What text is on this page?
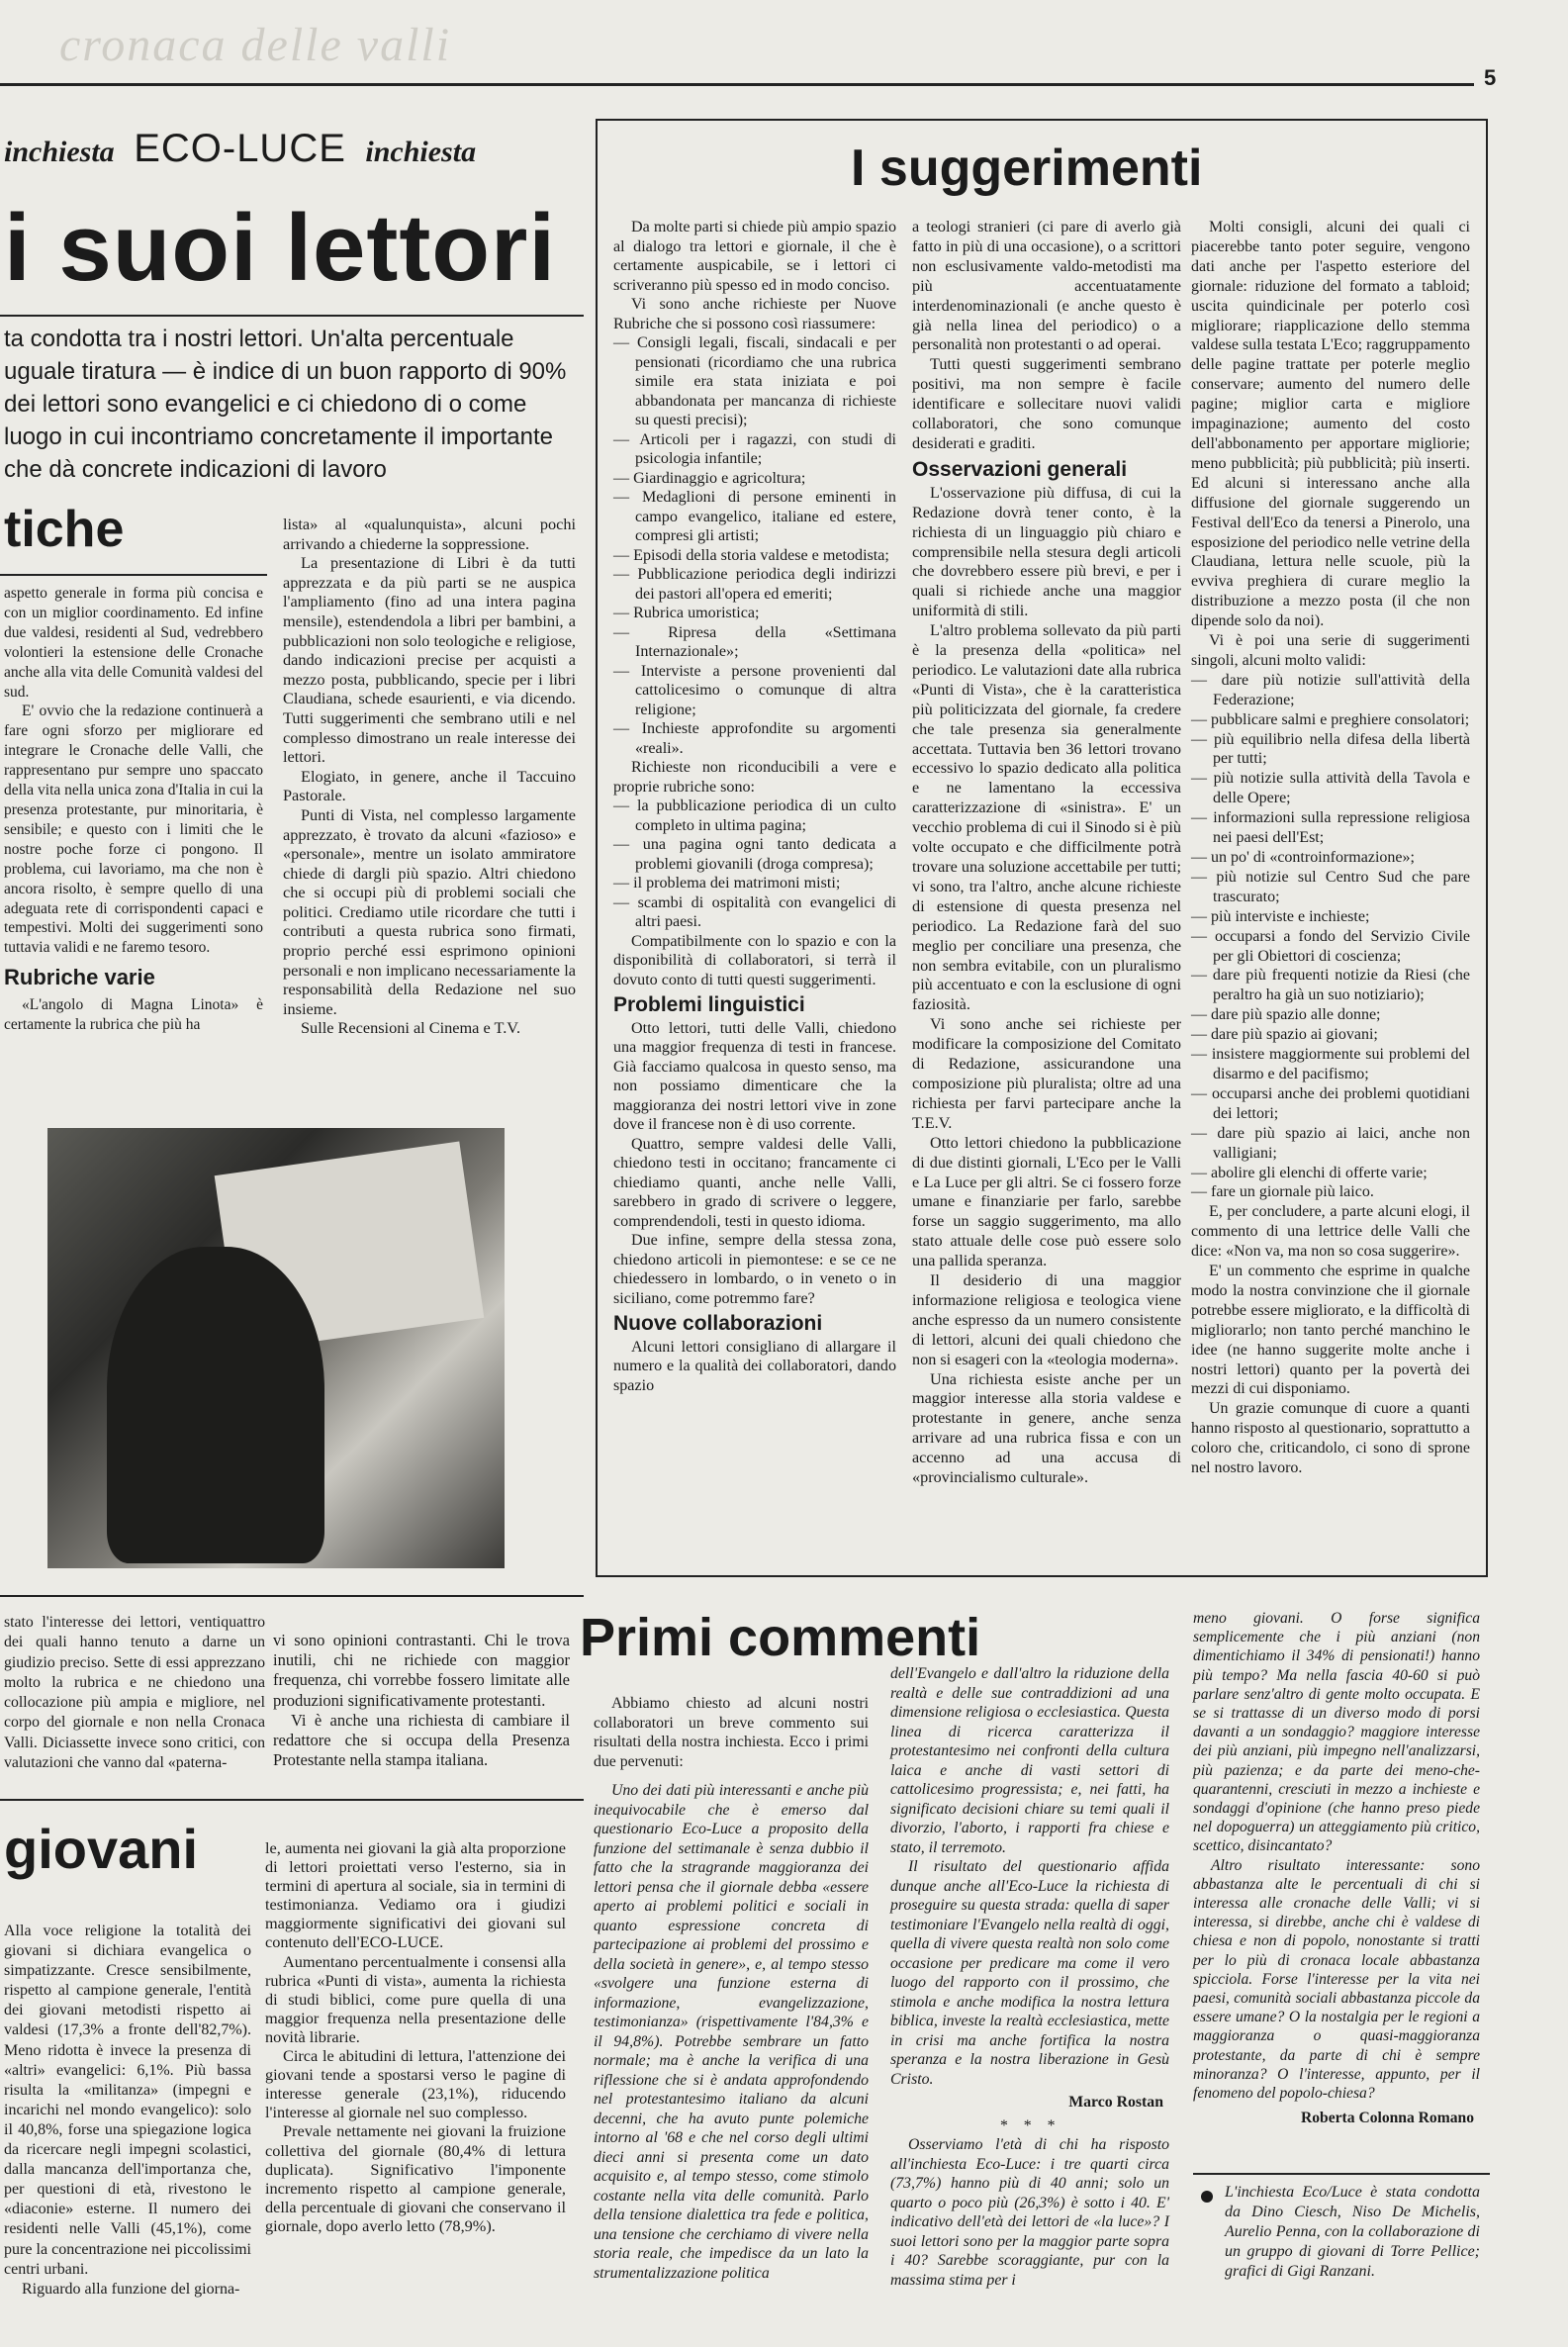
cronaca delle valli
5
inchiesta ECO-LUCE inchiesta
i suoi lettori
ta condotta tra i nostri lettori. Un'alta percentuale uguale tiratura — è indice di un buon rapporto di 90% dei lettori sono evangelici e ci chiedono di o come luogo in cui incontriamo concretamente il importante che dà concrete indicazioni di lavoro
tiche

aspetto generale in forma più concisa e con un miglior coordinamento. Ed infine due valdesi, residenti al Sud, vedrebbero volontieri la estensione delle Cronache anche alla vita delle Comunità valdesi del sud.

E' ovvio che la redazione continuerà a fare ogni sforzo per migliorare ed integrare le Cronache delle Valli, che rappresentano pur sempre uno spaccato della vita nella unica zona d'Italia in cui la presenza protestante, pur minoritaria, è sensibile; e questo con i limiti che le nostre poche forze ci pongono. Il problema, cui lavoriamo, ma che non è ancora risolto, è sempre quello di una adeguata rete di corrispondenti capaci e tempestivi. Molti dei suggerimenti sono tuttavia validi e ne faremo tesoro.

Rubriche varie

«L'angolo di Magna Linota» è certamente la rubrica che più ha

lista» al «qualunquista», alcuni pochi arrivando a chiederne la soppressione.

La presentazione di Libri è da tutti apprezzata e da più parti se ne auspica l'ampliamento (fino ad una intera pagina mensile), estendendola a libri per bambini, a pubblicazioni non solo teologiche e religiose, dando indicazioni precise per acquisti a mezzo posta, pubblicando, specie per i libri Claudiana, schede esaurienti, e via dicendo. Tutti suggerimenti che sembrano utili e nel complesso dimostrano un reale interesse dei lettori.

Elogiato, in genere, anche il Taccuino Pastorale.

Punti di Vista, nel complesso largamente apprezzato, è trovato da alcuni «fazioso» e «personale», mentre un isolato ammiratore chiede di dargli più spazio. Altri chiedono che si occupi più di problemi sociali che politici. Crediamo utile ricordare che tutti i contributi a questa rubrica sono firmati, proprio perché essi esprimono opinioni personali e non implicano necessariamente la responsabilità della Redazione nel suo insieme.

Sulle Recensioni al Cinema e T.V.

stato l'interesse dei lettori, ventiquattro dei quali hanno tenuto a darne un giudizio preciso. Sette di essi apprezzano molto la rubrica e ne chiedono una collocazione più ampia e migliore, nel corpo del giornale e non nella Cronaca Valli. Diciassette invece sono critici, con valutazioni che vanno dal «paterna-

vi sono opinioni contrastanti. Chi le trova inutili, chi ne richiede con maggior frequenza, chi vorrebbe fossero limitate alle produzioni significativamente protestanti.

Vi è anche una richiesta di cambiare il redattore che si occupa della Presenza Protestante nella stampa italiana.

giovani

Alla voce religione la totalità dei giovani si dichiara evangelica o simpatizzante. Cresce sensibilmente, rispetto al campione generale, l'entità dei giovani metodisti rispetto ai valdesi (17,3% a fronte dell'82,7%). Meno ridotta è invece la presenza di «altri» evangelici: 6,1%. Più bassa risulta la «militanza» (impegni e incarichi nel mondo evangelico): solo il 40,8%, forse una spiegazione logica da ricercare negli impegni scolastici, dalla mancanza dell'importanza che, per questioni di età, rivestono le «diaconie» esterne. Il numero dei residenti nelle Valli (45,1%), come pure la concentrazione nei piccolissimi centri urbani.

Riguardo alla funzione del giorna-

le, aumenta nei giovani la già alta proporzione di lettori proiettati verso l'esterno, sia in termini di apertura al sociale, sia in termini di testimonianza. Vediamo ora i giudizi maggiormente significativi dei giovani sul contenuto dell'ECO-LUCE.

Aumentano percentualmente i consensi alla rubrica «Punti di vista», aumenta la richiesta di studi biblici, come pure quella di una maggior frequenza nella presentazione delle novità librarie.

Circa le abitudini di lettura, l'attenzione dei giovani tende a spostarsi verso le pagine di interesse generale (23,1%), riducendo l'interesse al giornale nel suo complesso.

Prevale nettamente nei giovani la fruizione collettiva del giornale (80,4% di lettura duplicata). Significativo l'imponente incremento rispetto al campione generale, della percentuale di giovani che conservano il giornale, dopo averlo letto (78,9%).

I suggerimenti

Da molte parti si chiede più ampio spazio al dialogo tra lettori e giornale, il che è certamente auspicabile, se i lettori ci scriveranno più spesso ed in modo conciso.

Vi sono anche richieste per Nuove Rubriche che si possono così riassumere:

— Consigli legali, fiscali, sindacali e per pensionati (ricordiamo che una rubrica simile era stata iniziata e poi abbandonata per mancanza di richieste su questi precisi);
— Articoli per i ragazzi, con studi di psicologia infantile;
— Giardinaggio e agricoltura;
— Medaglioni di persone eminenti in campo evangelico, italiane ed estere, compresi gli artisti;
— Episodi della storia valdese e metodista;
— Pubblicazione periodica degli indirizzi dei pastori all'opera ed emeriti;
— Rubrica umoristica;
— Ripresa della «Settimana Internazionale»;
— Interviste a persone provenienti dal cattolicesimo o comunque di altra religione;
— Inchieste approfondite su argomenti «reali».

Richieste non riconducibili a vere e proprie rubriche sono:

— la pubblicazione periodica di un culto completo in ultima pagina;
— una pagina ogni tanto dedicata a problemi giovanili (droga compresa);
— il problema dei matrimoni misti;
— scambi di ospitalità con evangelici di altri paesi.

Compatibilmente con lo spazio e con la disponibilità di collaboratori, si terrà il dovuto conto di tutti questi suggerimenti.

Problemi linguistici

Otto lettori, tutti delle Valli, chiedono una maggior frequenza di testi in francese. Già facciamo qualcosa in questo senso, ma non possiamo dimenticare che la maggioranza dei nostri lettori vive in zone dove il francese non è di uso corrente.

Quattro, sempre valdesi delle Valli, chiedono testi in occitano; francamente ci chiediamo quanti, anche nelle Valli, sarebbero in grado di scrivere o leggere, comprendendoli, testi in questo idioma.

Due infine, sempre della stessa zona, chiedono articoli in piemontese: e se ce ne chiedessero in lombardo, o in veneto o in siciliano, come potremmo fare?

Nuove collaborazioni

Alcuni lettori consigliano di allargare il numero e la qualità dei collaboratori, dando spazio

a teologi stranieri (ci pare di averlo già fatto in più di una occasione), o a scrittori non esclusivamente valdo-metodisti ma più accentuatamente interdenominazionali (e anche questo è già nella linea del periodico) o a personalità non protestanti o ad operai.

Tutti questi suggerimenti sembrano positivi, ma non sempre è facile identificare e sollecitare nuovi validi collaboratori, che sono comunque desiderati e graditi.

Osservazioni generali

L'osservazione più diffusa, di cui la Redazione dovrà tener conto, è la richiesta di un linguaggio più chiaro e comprensibile nella stesura degli articoli che dovrebbero essere più brevi, e per i quali si richiede anche una maggior uniformità di stili.

L'altro problema sollevato da più parti è la presenza della «politica» nel periodico. Le valutazioni date alla rubrica «Punti di Vista», che è la caratteristica più politicizzata del giornale, fa credere che tale presenza sia generalmente accettata. Tuttavia ben 36 lettori trovano eccessivo lo spazio dedicato alla politica e ne lamentano la eccessiva caratterizzazione di «sinistra». E' un vecchio problema di cui il Sinodo si è più volte occupato e che difficilmente potrà trovare una soluzione accettabile per tutti; vi sono, tra l'altro, anche alcune richieste di estensione di questa presenza nel periodico. La Redazione farà del suo meglio per conciliare una presenza, che non sembra evitabile, con un pluralismo più accentuato e con la esclusione di ogni faziosità.

Vi sono anche sei richieste per modificare la composizione del Comitato di Redazione, assicurandone una composizione più pluralista; oltre ad una richiesta per farvi partecipare anche la T.E.V.

Otto lettori chiedono la pubblicazione di due distinti giornali, L'Eco per le Valli e La Luce per gli altri. Se ci fossero forze umane e finanziarie per farlo, sarebbe forse un saggio suggerimento, ma allo stato attuale delle cose può essere solo una pallida speranza.

Il desiderio di una maggior informazione religiosa e teologica viene anche espresso da un numero consistente di lettori, alcuni dei quali chiedono che non si esageri con la «teologia moderna».

Una richiesta esiste anche per un maggior interesse alla storia valdese e protestante in genere, anche senza arrivare ad una rubrica fissa e con un accenno ad una accusa di «provincialismo culturale».

Molti consigli, alcuni dei quali ci piacerebbe tanto poter seguire, vengono dati anche per l'aspetto esteriore del giornale: riduzione del formato a tabloid; uscita quindicinale per poterlo così migliorare; riapplicazione dello stemma valdese sulla testata L'Eco; raggruppamento delle pagine trattate per poterle meglio conservare; aumento del numero delle pagine; miglior carta e migliore impaginazione; aumento del costo dell'abbonamento per apportare migliorie; meno pubblicità; più pubblicità; più inserti. Ed alcuni si interessano anche alla diffusione del giornale suggerendo un Festival dell'Eco da tenersi a Pinerolo, una esposizione del periodico nelle vetrine della Claudiana, lettura nelle scuole, più la evviva preghiera di curare meglio la distribuzione a mezzo posta (il che non dipende solo da noi).

Vi è poi una serie di suggerimenti singoli, alcuni molto validi:

— dare più notizie sull'attività della Federazione;
— pubblicare salmi e preghiere consolatori;
— più equilibrio nella difesa della libertà per tutti;
— più notizie sulla attività della Tavola e delle Opere;
— informazioni sulla repressione religiosa nei paesi dell'Est;
— un po' di «controinformazione»;
— più notizie sul Centro Sud che pare trascurato;
— più interviste e inchieste;
— occuparsi a fondo del Servizio Civile per gli Obiettori di coscienza;
— dare più frequenti notizie da Riesi (che peraltro ha già un suo notiziario);
— dare più spazio alle donne;
— dare più spazio ai giovani;
— insistere maggiormente sui problemi del disarmo e del pacifismo;
— occuparsi anche dei problemi quotidiani dei lettori;
— dare più spazio ai laici, anche non valligiani;
— abolire gli elenchi di offerte varie;
— fare un giornale più laico.

E, per concludere, a parte alcuni elogi, il commento di una lettrice delle Valli che dice: «Non va, ma non so cosa suggerire».

E' un commento che esprime in qualche modo la nostra convinzione che il giornale potrebbe essere migliorato, e la difficoltà di migliorarlo; non tanto perché manchino le idee (ne hanno suggerite molte anche i nostri lettori) quanto per la povertà dei mezzi di cui disponiamo.

Un grazie comunque di cuore a quanti hanno risposto al questionario, soprattutto a coloro che, criticandolo, ci sono di sprone nel nostro lavoro.

Primi commenti

Abbiamo chiesto ad alcuni nostri collaboratori un breve commento sui risultati della nostra inchiesta. Ecco i primi due pervenuti:

Uno dei dati più interessanti e anche più inequivocabile che è emerso dal questionario Eco-Luce a proposito della funzione del settimanale è senza dubbio il fatto che la stragrande maggioranza dei lettori pensa che il giornale debba «essere aperto ai problemi politici e sociali in quanto espressione concreta di partecipazione ai problemi del prossimo e della società in genere», e, al tempo stesso «svolgere una funzione esterna di informazione, evangelizzazione, testimonianza» (rispettivamente l'84,3% e il 94,8%). Potrebbe sembrare un fatto normale; ma è anche la verifica di una riflessione che si è andata approfondendo nel protestantesimo italiano da alcuni decenni, che ha avuto punte polemiche intorno al '68 e che nel corso degli ultimi dieci anni si presenta come un dato acquisito e, al tempo stesso, come stimolo costante nella vita delle comunità. Parlo della tensione dialettica tra fede e politica, una tensione che cerchiamo di vivere nella storia reale, che impedisce da un lato la strumentalizzazione politica

dell'Evangelo e dall'altro la riduzione della realtà e delle sue contraddizioni ad una dimensione religiosa o ecclesiastica. Questa linea di ricerca caratterizza il protestantesimo nei confronti della cultura laica e anche di vasti settori di cattolicesimo progressista; e, nei fatti, ha significato decisioni chiare su temi quali il divorzio, l'aborto, i rapporti fra chiese e stato, il terremoto.

Il risultato del questionario affida dunque anche all'Eco-Luce la richiesta di proseguire su questa strada: quella di saper testimoniare l'Evangelo nella realtà di oggi, quella di vivere questa realtà non solo come occasione per predicare ma come il vero luogo del rapporto con il prossimo, che stimola e anche modifica la nostra lettura biblica, investe la realtà ecclesiastica, mette in crisi ma anche fortifica la nostra speranza e la nostra liberazione in Gesù Cristo.

Marco Rostan
* * *

Osserviamo l'età di chi ha risposto all'inchiesta Eco-Luce: i tre quarti circa (73,7%) hanno più di 40 anni; solo un quarto o poco più (26,3%) è sotto i 40. E' indicativo dell'età dei lettori de «la luce»? I suoi lettori sono per la maggior parte sopra i 40? Sarebbe scoraggiante, pur con la massima stima per i

meno giovani. O forse significa semplicemente che i più anziani (non dimentichiamo il 34% di pensionati!) hanno più tempo? Ma nella fascia 40-60 si può parlare senz'altro di gente molto occupata. E se si trattasse di un diverso modo di porsi davanti a un sondaggio? maggiore interesse dei più anziani, più impegno nell'analizzarsi, più pazienza; e da parte dei meno-che-quarantenni, cresciuti in mezzo a inchieste e sondaggi d'opinione (che hanno preso piede nel dopoguerra) un atteggiamento più critico, scettico, disincantato?

Altro risultato interessante: sono abbastanza alte le percentuali di chi si interessa alle cronache delle Valli; vi si interessa, si direbbe, anche chi è valdese di chiesa e non di popolo, nonostante si tratti per lo più di cronaca locale abbastanza spicciola. Forse l'interesse per la vita nei paesi, comunità sociali abbastanza piccole da essere umane? O la nostalgia per le regioni a maggioranza o quasi-maggioranza protestante, da parte di chi è sempre minoranza? O l'interesse, appunto, per il fenomeno del popolo-chiesa?

Roberta Colonna Romano
L'inchiesta Eco/Luce è stata condotta da Dino Ciesch, Niso De Michelis, Aurelio Penna, con la collaborazione di un gruppo di giovani di Torre Pellice; grafici di Gigi Ranzani.
